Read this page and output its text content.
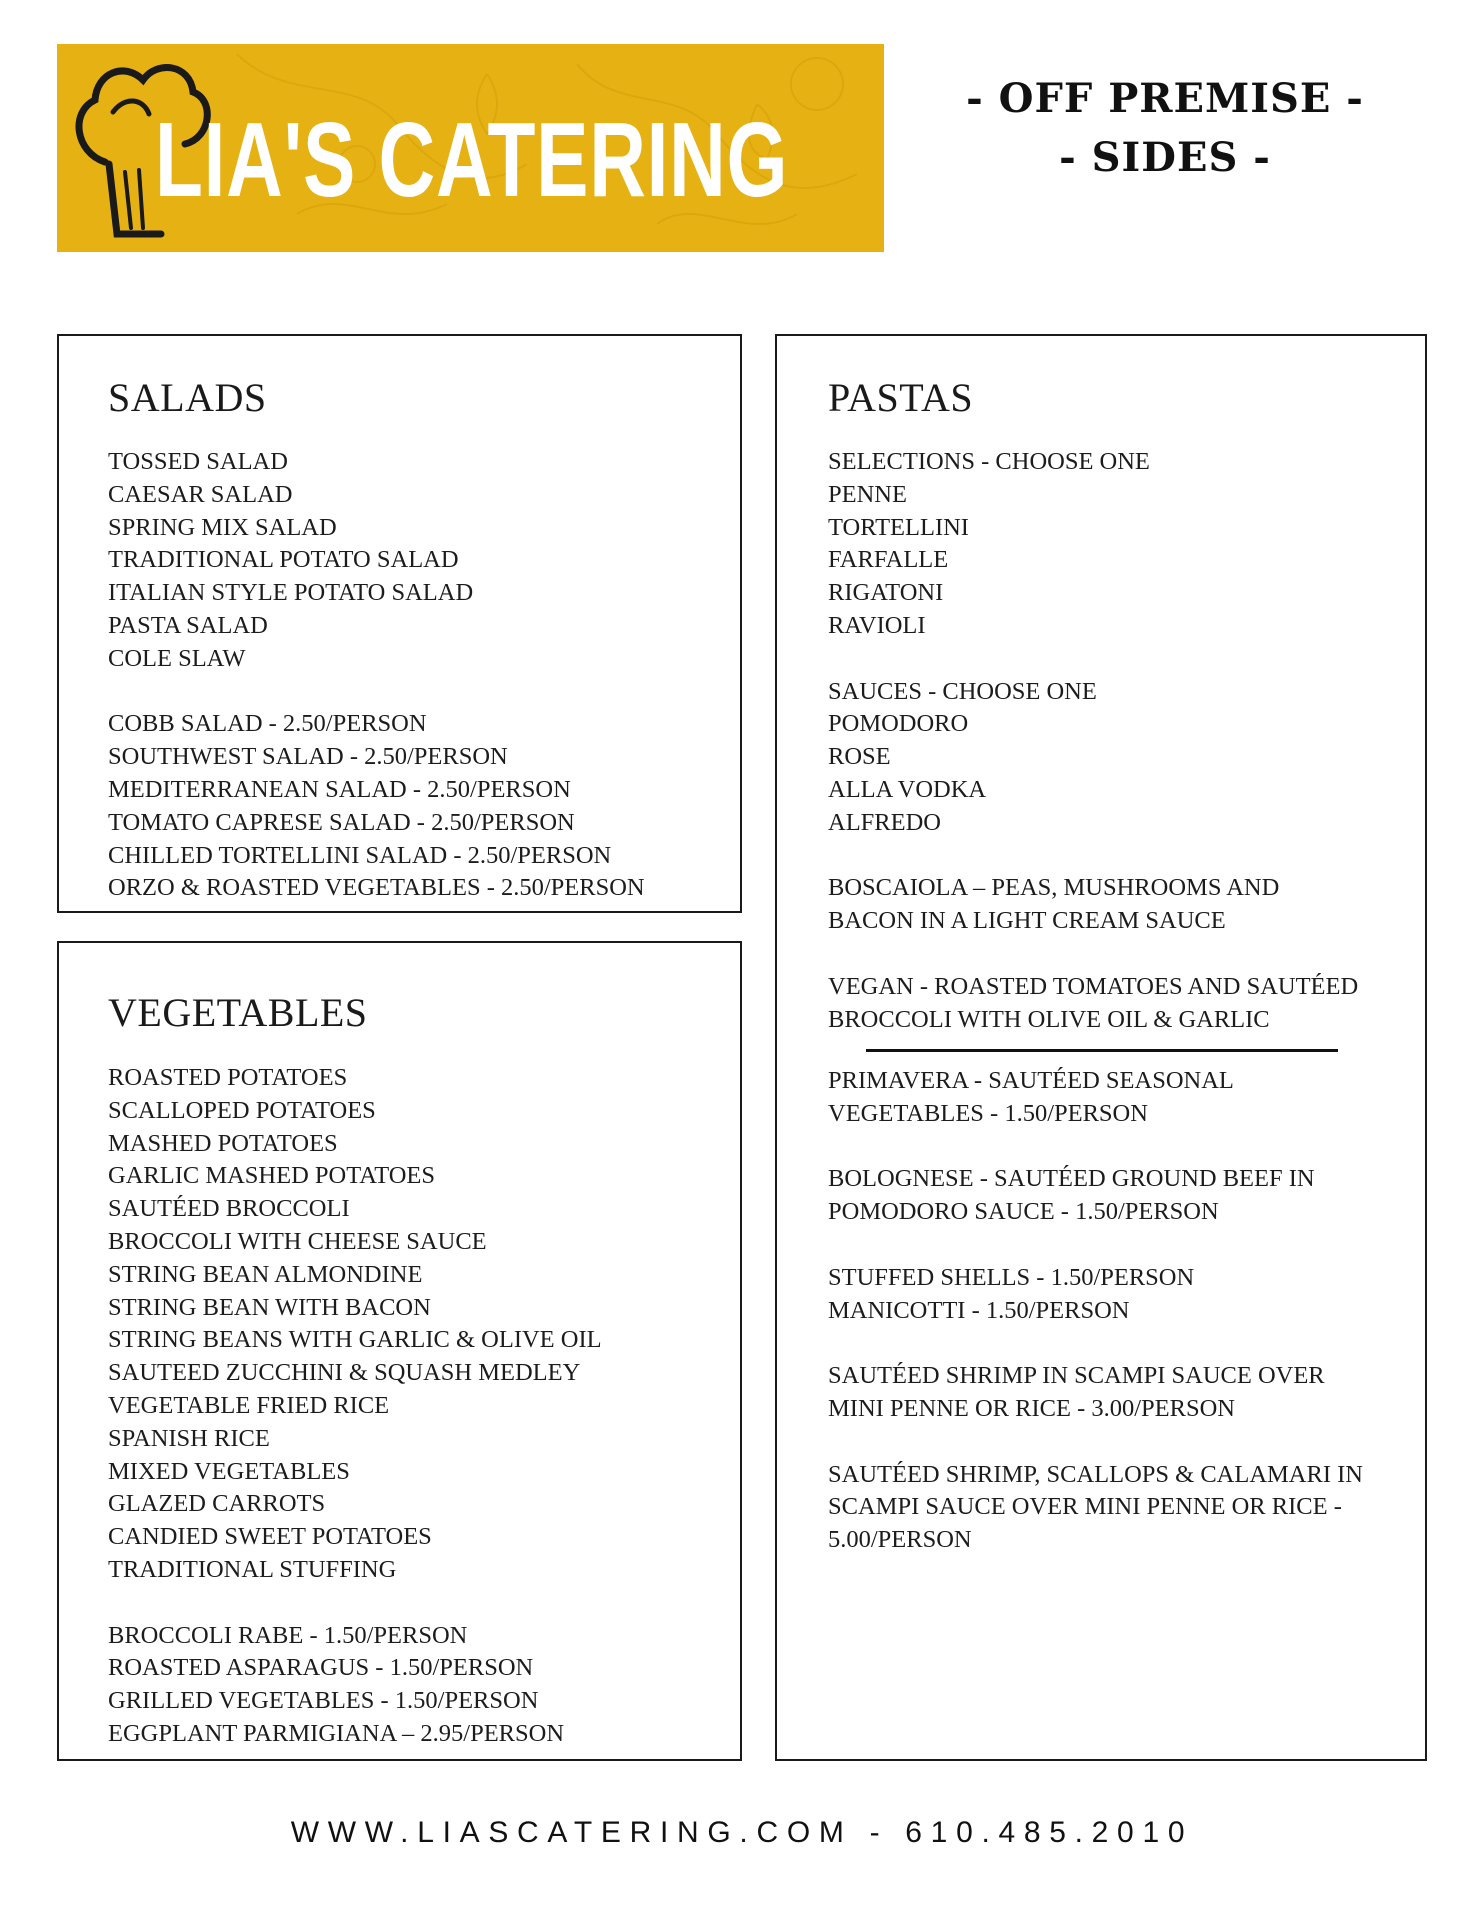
LIA'S CATERING
- OFF PREMISE -
- SIDES -
SALADS
TOSSED SALAD
CAESAR SALAD
SPRING MIX SALAD
TRADITIONAL POTATO SALAD
ITALIAN STYLE POTATO SALAD
PASTA SALAD
COLE SLAW
COBB SALAD - 2.50/PERSON
SOUTHWEST SALAD - 2.50/PERSON
MEDITERRANEAN SALAD - 2.50/PERSON
TOMATO CAPRESE SALAD - 2.50/PERSON
CHILLED TORTELLINI SALAD - 2.50/PERSON
ORZO & ROASTED VEGETABLES - 2.50/PERSON
VEGETABLES
ROASTED POTATOES
SCALLOPED POTATOES
MASHED POTATOES
GARLIC MASHED POTATOES
SAUTÉED BROCCOLI
BROCCOLI WITH CHEESE SAUCE
STRING BEAN ALMONDINE
STRING BEAN WITH BACON
STRING BEANS WITH GARLIC & OLIVE OIL
SAUTEED ZUCCHINI & SQUASH MEDLEY
VEGETABLE FRIED RICE
SPANISH RICE
MIXED VEGETABLES
GLAZED CARROTS
CANDIED SWEET POTATOES
TRADITIONAL STUFFING
BROCCOLI RABE - 1.50/PERSON
ROASTED ASPARAGUS - 1.50/PERSON
GRILLED VEGETABLES - 1.50/PERSON
EGGPLANT PARMIGIANA – 2.95/PERSON
PASTAS
SELECTIONS - CHOOSE ONE
PENNE
TORTELLINI
FARFALLE
RIGATONI
RAVIOLI
SAUCES - CHOOSE ONE
POMODORO
ROSE
ALLA VODKA
ALFREDO
BOSCAIOLA – PEAS, MUSHROOMS AND
BACON IN A LIGHT CREAM SAUCE
VEGAN - ROASTED TOMATOES AND SAUTÉED
BROCCOLI WITH OLIVE OIL & GARLIC
PRIMAVERA - SAUTÉED SEASONAL
VEGETABLES - 1.50/PERSON
BOLOGNESE - SAUTÉED GROUND BEEF IN
POMODORO SAUCE - 1.50/PERSON
STUFFED SHELLS - 1.50/PERSON
MANICOTTI - 1.50/PERSON
SAUTÉED SHRIMP IN SCAMPI SAUCE OVER
MINI PENNE OR RICE - 3.00/PERSON
SAUTÉED SHRIMP, SCALLOPS & CALAMARI IN
SCAMPI SAUCE OVER MINI PENNE OR RICE -
5.00/PERSON
WWW.LIASCATERING.COM - 610.485.2010
